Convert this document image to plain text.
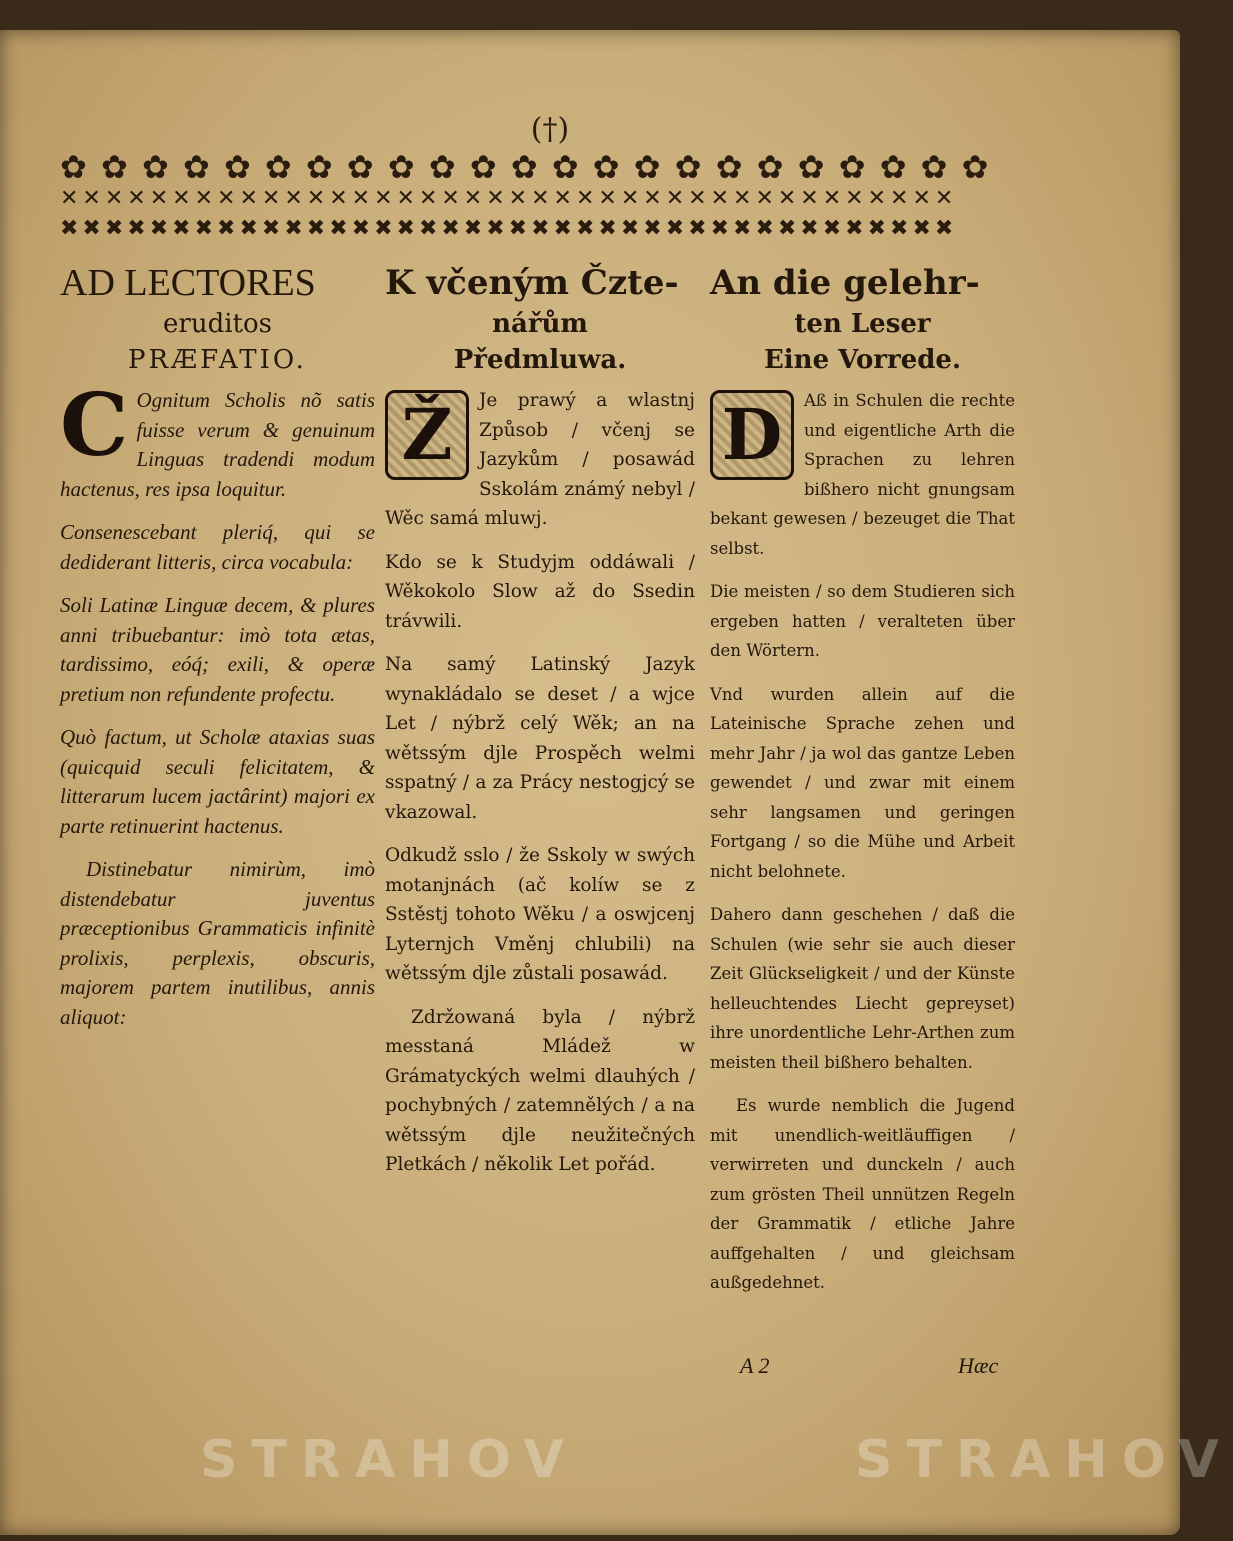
(†)
✿ ✿ ✿ ✿ ✿ ✿ ✿ ✿ ✿ ✿ ✿ ✿ ✿ ✿ ✿ ✿ ✿ ✿ ✿ ✿ ✿ ✿ ✿
✕✕✕✕✕✕✕✕✕✕✕✕✕✕✕✕✕✕✕✕✕✕✕✕✕✕✕✕✕✕✕✕✕✕✕✕✕✕✕✕
✖✖✖✖✖✖✖✖✖✖✖✖✖✖✖✖✖✖✖✖✖✖✖✖✖✖✖✖✖✖✖✖✖✖✖✖✖✖✖✖
AD LECTORES
eruditos
PRÆFATIO.

C Ognitum Scholis nõ satis fuisse verum & genuinum Linguas tradendi modum hactenus, res ipsa loquitur.

Consenescebant pleriq́, qui se dediderant litteris, circa vocabula:

Soli Latinæ Linguæ decem, & plures anni tribuebantur: imò tota ætas, tardissimo, eóq́; exili, & operæ pretium non refundente profectu.

Quò factum, ut Scholæ ataxias suas (quicquid seculi felicitatem, & litterarum lucem jactârint) majori ex parte retinuerint hactenus.

Distinebatur nimirùm, imò distendebatur juventus præceptionibus Grammaticis infinitè prolixis, perplexis, obscuris, majorem partem inutilibus, annis aliquot:

K včeným Čzte-
nářům
Předmluwa.

Ž	Je prawý a wlastnj Způsob / včenj se Jazykům / posawád Sskolám známý nebyl / Wěc samá mluwj.

Kdo se k Studyjm oddáwali / Wěkokolo Slow až do Ssedin trávwili.

Na samý Latinský Jazyk wynakládalo se deset / a wjce Let / nýbrž celý Wěk; an na wětssým djle Prospěch welmi sspatný / a za Prácy nestogjcý se vkazowal.

Odkudž sslo / že Sskoly w swých motanjnách (ač kolíw se z Sstěstj tohoto Wěku / a oswjcenj Lyternjch Vměnj chlubili) na wětssým djle zůstali posawád.

Zdržowaná byla / nýbrž messtaná Mládež w Grámatyckých welmi dlauhých / pochybných / zatemnělých / a na wětssým djle neužitečných Pletkách / několik Let pořád.

An die gelehr-
ten Leser
Eine Vorrede.

D	Aß in Schulen die rechte und eigentliche Arth die Sprachen zu lehren bißhero nicht gnungsam bekant gewesen / bezeuget die That selbst.

Die meisten / so dem Studieren sich ergeben hatten / veralteten über den Wörtern.

Vnd wurden allein auf die Lateinische Sprache zehen und mehr Jahr / ja wol das gantze Leben gewendet / und zwar mit einem sehr langsamen und geringen Fortgang / so die Mühe und Arbeit nicht belohnete.

Dahero dann geschehen / daß die Schulen (wie sehr sie auch dieser Zeit Glückseligkeit / und der Künste helleuchtendes Liecht gepreyset) ihre unordentliche Lehr-Arthen zum meisten theil bißhero behalten.

Es wurde nemblich die Jugend mit unendlich-weitläuffigen / verwirreten und dunckeln / auch zum grösten Theil unnützen Regeln der Grammatik / etliche Jahre auffgehalten / und gleichsam außgedehnet.

A 2	Hæc
STRAHOV	STRAHOV
